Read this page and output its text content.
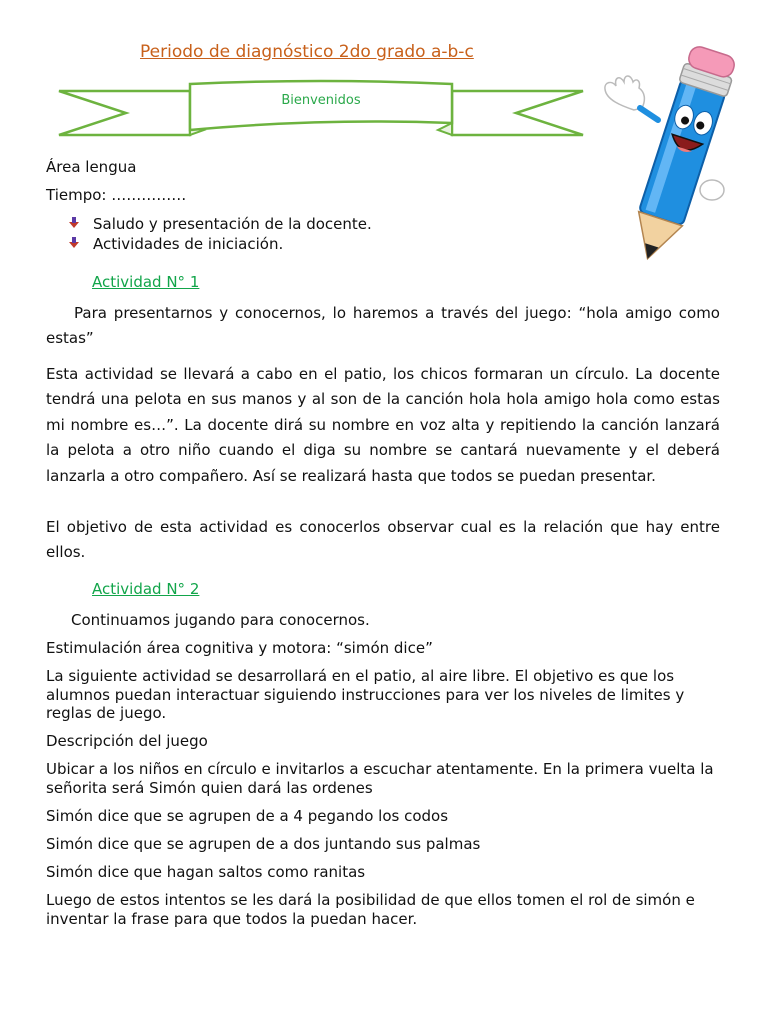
Periodo de diagnóstico 2do grado a-b-c
Bienvenidos
Área lengua
Tiempo: ……………
Saludo y presentación de la docente.
Actividades de iniciación.
Actividad N° 1
Para presentarnos y conocernos, lo haremos a través del juego: “hola amigo como estas”
Esta actividad se llevará a cabo en el patio, los chicos formaran un círculo. La docente tendrá una pelota en sus manos y al son de la canción hola hola amigo hola como estas mi nombre es…”. La docente dirá su nombre en voz alta y repitiendo la canción lanzará la pelota a otro niño cuando el diga su nombre se cantará nuevamente y el deberá lanzarla a otro compañero. Así se realizará hasta que todos se puedan presentar.
El objetivo de esta actividad es conocerlos observar cual es la relación que hay entre ellos.
Actividad N° 2
Continuamos jugando para conocernos.
Estimulación área cognitiva y motora: “simón dice”
La siguiente actividad se desarrollará en el patio, al aire libre. El objetivo es que los alumnos puedan interactuar siguiendo instrucciones para ver los niveles de limites y reglas de juego.
Descripción del juego
Ubicar a los niños en círculo e invitarlos a escuchar atentamente. En la primera vuelta la señorita será Simón quien dará las ordenes
Simón dice que se agrupen de a 4 pegando los codos
Simón dice que se agrupen de a dos juntando sus palmas
Simón dice que hagan saltos como ranitas
Luego de estos intentos se les dará la posibilidad de que ellos tomen el rol de simón e inventar la frase para que todos la puedan hacer.
